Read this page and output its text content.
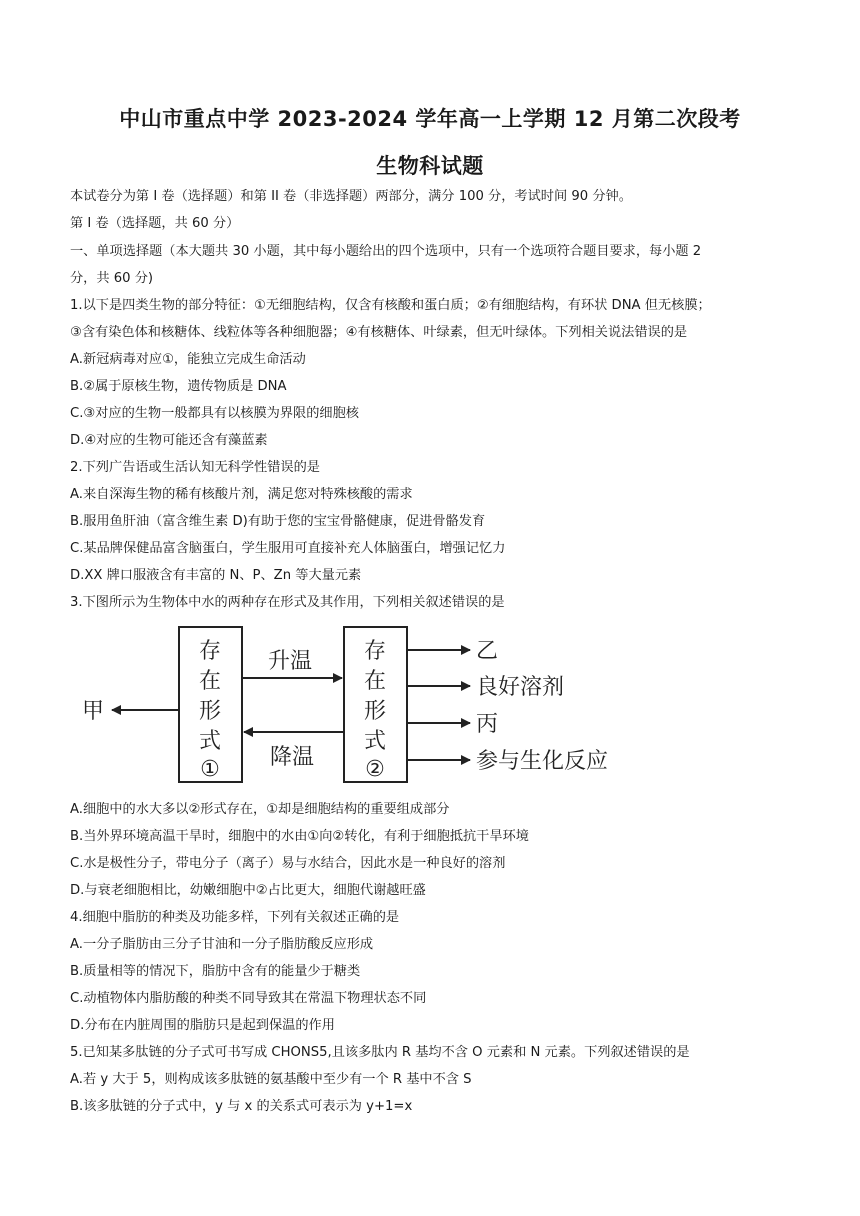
中山市重点中学 2023-2024 学年高一上学期 12 月第二次段考
生物科试题
本试卷分为第 I 卷（选择题）和第 II 卷（非选择题）两部分，满分 100 分，考试时间 90 分钟。
第 I 卷（选择题，共 60 分）
一、单项选择题（本大题共 30 小题，其中每小题给出的四个选项中，只有一个选项符合题目要求，每小题 2
分，共 60 分)
1.以下是四类生物的部分特征：①无细胞结构，仅含有核酸和蛋白质；②有细胞结构，有环状 DNA 但无核膜；
③含有染色体和核糖体、线粒体等各种细胞器；④有核糖体、叶绿素，但无叶绿体。下列相关说法错误的是
A.新冠病毒对应①，能独立完成生命活动
B.②属于原核生物，遗传物质是 DNA
C.③对应的生物一般都具有以核膜为界限的细胞核
D.④对应的生物可能还含有藻蓝素
2.下列广告语或生活认知无科学性错误的是
A.来自深海生物的稀有核酸片剂，满足您对特殊核酸的需求
B.服用鱼肝油（富含维生素 D)有助于您的宝宝骨骼健康，促进骨骼发育
C.某品牌保健品富含脑蛋白，学生服用可直接补充人体脑蛋白，增强记忆力
D.XX 牌口服液含有丰富的 N、P、Zn 等大量元素
3.下图所示为生物体中水的两种存在形式及其作用，下列相关叙述错误的是
存
在
形
式
①
存
在
形
式
②
升温
降温
甲
乙
良好溶剂
丙
参与生化反应
A.细胞中的水大多以②形式存在，①却是细胞结构的重要组成部分
B.当外界环境高温干旱时，细胞中的水由①向②转化，有利于细胞抵抗干旱环境
C.水是极性分子，带电分子（离子）易与水结合，因此水是一种良好的溶剂
D.与衰老细胞相比，幼嫩细胞中②占比更大，细胞代谢越旺盛
4.细胞中脂肪的种类及功能多样，下列有关叙述正确的是
A.一分子脂肪由三分子甘油和一分子脂肪酸反应形成
B.质量相等的情况下，脂肪中含有的能量少于糖类
C.动植物体内脂肪酸的种类不同导致其在常温下物理状态不同
D.分布在内脏周围的脂肪只是起到保温的作用
5.已知某多肽链的分子式可书写成 CHONS5,且该多肽内 R 基均不含 O 元素和 N 元素。下列叙述错误的是
A.若 y 大于 5，则构成该多肽链的氨基酸中至少有一个 R 基中不含 S
B.该多肽链的分子式中，y 与 x 的关系式可表示为 y+1=x
